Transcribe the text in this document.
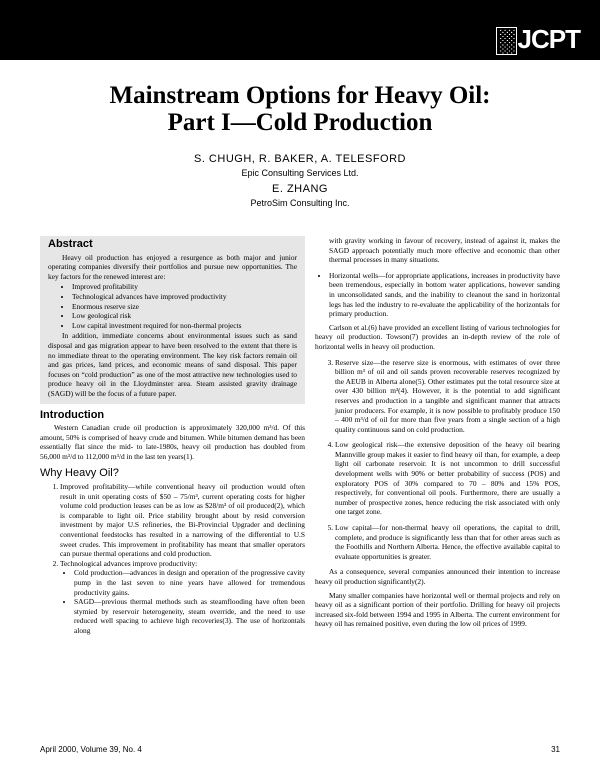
░ JCPT
Mainstream Options for Heavy Oil:
Part I—Cold Production
S. CHUGH, R. BAKER, A. TELESFORD
Epic Consulting Services Ltd.
E. ZHANG
PetroSim Consulting Inc.
Abstract

Heavy oil production has enjoyed a resurgence as both major and junior operating companies diversify their portfolios and pursue new opportunities. The key factors for the renewed interest are:

• Improved profitability
• Technological advances have improved productivity
• Enormous reserve size
• Low geological risk
• Low capital investment required for non-thermal projects

In addition, immediate concerns about environmental issues such as sand disposal and gas migration appear to have been resolved to the extent that there is no immediate threat to the operating environment. The key risk factors remain oil and gas prices, land prices, and economic means of sand disposal. This paper focuses on “cold production” as one of the most attractive new technologies used to produce heavy oil in the Lloydminster area. Steam assisted gravity drainage (SAGD) will be the focus of a future paper.

Introduction

Western Canadian crude oil production is approximately 320,000 m³/d. Of this amount, 50% is comprised of heavy crude and bitumen. While bitumen demand has been essentially flat since the mid- to late-1980s, heavy oil production has doubled from 56,000 m³/d to 112,000 m³/d in the last ten years(1).

Why Heavy Oil?
1. Improved profitability—while conventional heavy oil production would often result in unit operating costs of $50 – 75/m³, current operating costs for higher volume cold production leases can be as low as $28/m³ of oil produced(2), which is comparable to light oil. Price stability brought about by resid conversion investment by major U.S refineries, the Bi-Provincial Upgrader and declining conventional feedstocks has resulted in a narrowing of the differential to U.S sweet crudes. This improvement in profitability has meant that smaller operators can pursue thermal operations and cold production.
2. Technological advances improve productivity:
• Cold production—advances in design and operation of the progressive cavity pump in the last seven to nine years have allowed for tremendous productivity gains.
• SAGD—previous thermal methods such as steamflooding have often been stymied by reservoir heterogeneity, steam override, and the need to use reduced well spacing to achieve high recoveries(3). The use of horizontals along
with gravity working in favour of recovery, instead of against it, makes the SAGD approach potentially much more effective and economic than other thermal processes in many situations.
• Horizontal wells—for appropriate applications, increases in productivity have been tremendous, especially in bottom water applications, however sanding in unconsolidated sands, and the inability to cleanout the sand in horizontal legs has led the industry to re-evaluate the applicability of the horizontals for primary production.

Carlson et al.(6) have provided an excellent listing of various technologies for heavy oil production. Towson(7) provides an in-depth review of the role of horizontal wells in heavy oil production.

3. Reserve size—the reserve size is enormous, with estimates of over three billion m³ of oil and oil sands proven recoverable reserves recognized by the AEUB in Alberta alone(5). Other estimates put the total resource size at over 430 billion m³(4). However, it is the potential to add significant reserves and production in a tangible and significant manner that attracts junior producers. For example, it is now possible to profitably produce 150 – 400 m³/d of oil for more than five years from a single section of a high quality continuous sand on cold production.
4. Low geological risk—the extensive deposition of the heavy oil bearing Mannville group makes it easier to find heavy oil than, for example, a deep light oil carbonate reservoir. It is not uncommon to drill successful development wells with 90% or better probability of success (POS) and exploratory POS of 30% compared to 70 – 80% and 15% POS, respectively, for conventional oil pools. Furthermore, there are usually a number of prospective zones, hence reducing the risk associated with only one target zone.
5. Low capital—for non-thermal heavy oil operations, the capital to drill, complete, and produce is significantly less than that for other areas such as the Foothills and Northern Alberta. Hence, the effective available capital to evaluate opportunities is greater.

As a consequence, several companies announced their intention to increase heavy oil production significantly(2).

Many smaller companies have horizontal well or thermal projects and rely on heavy oil as a significant portion of their portfolio. Drilling for heavy oil projects increased six-fold between 1994 and 1995 in Alberta. The current environment for heavy oil has remained positive, even during the low oil prices of 1999.

April 2000, Volume 39, No. 4	31
